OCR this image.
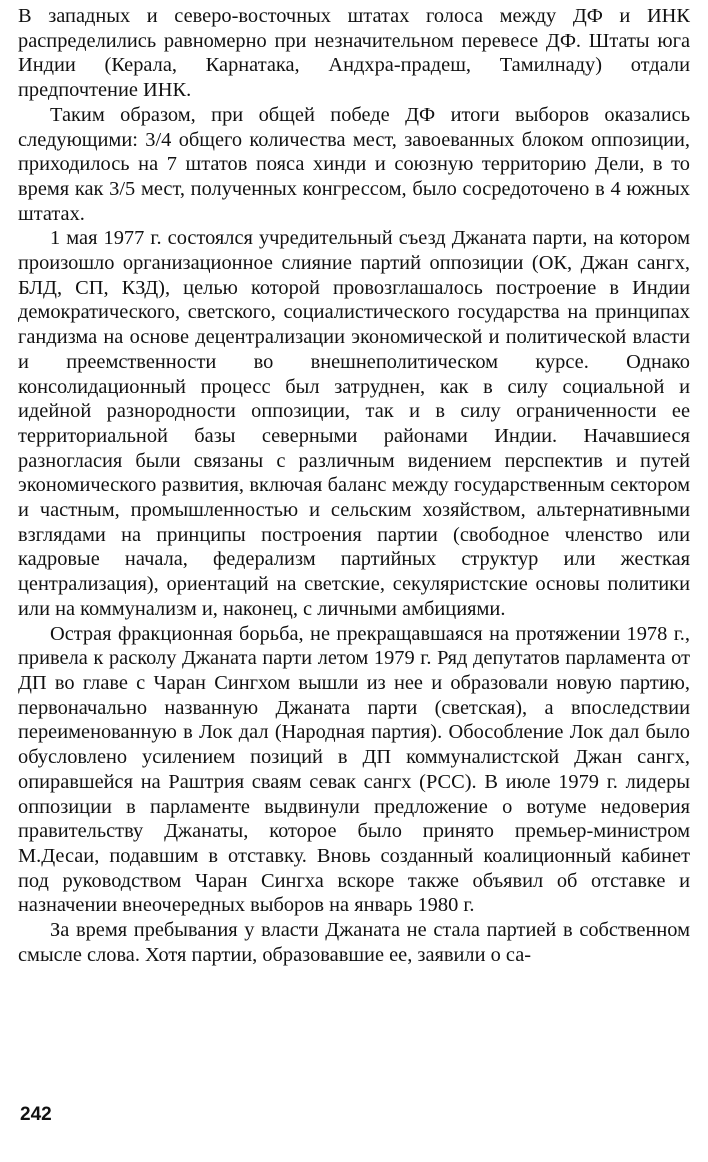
В западных и северо-восточных штатах голоса между ДФ и ИНК распределились равномерно при незначительном перевесе ДФ. Штаты юга Индии (Керала, Карнатака, Андхра-прадеш, Тамилнаду) отдали предпочтение ИНК.

Таким образом, при общей победе ДФ итоги выборов оказались следующими: 3/4 общего количества мест, завоеванных блоком оппозиции, приходилось на 7 штатов пояса хинди и союзную территорию Дели, в то время как 3/5 мест, полученных конгрессом, было сосредоточено в 4 южных штатах.

1 мая 1977 г. состоялся учредительный съезд Джаната парти, на котором произошло организационное слияние партий оппозиции (ОК, Джан сангх, БЛД, СП, КЗД), целью которой провозглашалось построение в Индии демократического, светского, социалистического государства на принципах гандизма на основе децентрализации экономической и политической власти и преемственности во внешнеполитическом курсе. Однако консолидационный процесс был затруднен, как в силу социальной и идейной разнородности оппозиции, так и в силу ограниченности ее территориальной базы северными районами Индии. Начавшиеся разногласия были связаны с различным видением перспектив и путей экономического развития, включая баланс между государственным сектором и частным, промышленностью и сельским хозяйством, альтернативными взглядами на принципы построения партии (свободное членство или кадровые начала, федерализм партийных структур или жесткая централизация), ориентаций на светские, секуляристские основы политики или на коммунализм и, наконец, с личными амбициями.

Острая фракционная борьба, не прекращавшаяся на протяжении 1978 г., привела к расколу Джаната парти летом 1979 г. Ряд депутатов парламента от ДП во главе с Чаран Сингхом вышли из нее и образовали новую партию, первоначально названную Джаната парти (светская), а впоследствии переименованную в Лок дал (Народная партия). Обособление Лок дал было обусловлено усилением позиций в ДП коммуналистской Джан сангх, опиравшейся на Раштрия сваям севак сангх (РСС). В июле 1979 г. лидеры оппозиции в парламенте выдвинули предложение о вотуме недоверия правительству Джанаты, которое было принято премьер-министром М.Десаи, подавшим в отставку. Вновь созданный коалиционный кабинет под руководством Чаран Сингха вскоре также объявил об отставке и назначении внеочередных выборов на январь 1980 г.

За время пребывания у власти Джаната не стала партией в собственном смысле слова. Хотя партии, образовавшие ее, заявили о са-

242
